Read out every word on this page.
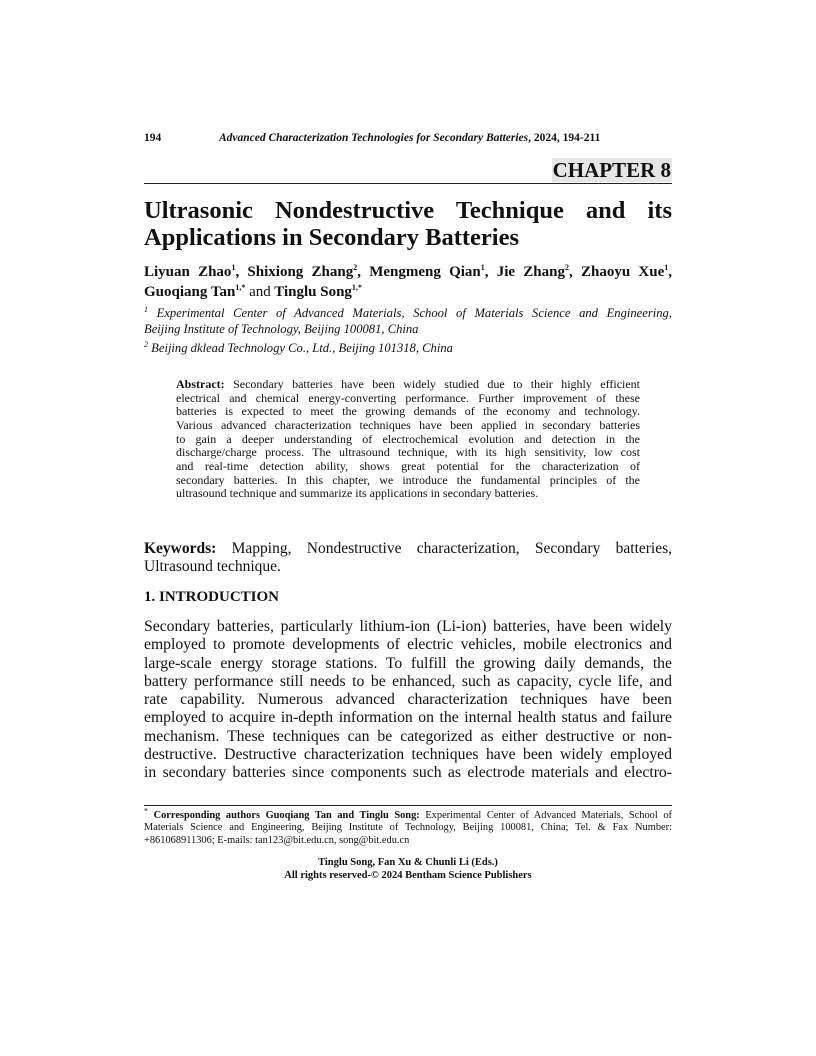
194	Advanced Characterization Technologies for Secondary Batteries, 2024, 194-211
CHAPTER 8
Ultrasonic Nondestructive Technique and its
Applications in Secondary Batteries
Liyuan Zhao$^1$, Shixiong Zhang$^2$, Mengmeng Qian$^1$, Jie Zhang$^2$, Zhaoyu Xue$^1$,
Guoqiang Tan$^{1,*}$ and Tinglu Song$^{1,*}$
$^1$ Experimental Center of Advanced Materials, School of Materials Science and Engineering,
Beijing Institute of Technology, Beijing 100081, China
$^2$ Beijing dklead Technology Co., Ltd., Beijing 101318, China
Abstract: Secondary batteries have been widely studied due to their highly efficient
electrical and chemical energy-converting performance. Further improvement of these
batteries is expected to meet the growing demands of the economy and technology.
Various advanced characterization techniques have been applied in secondary batteries
to gain a deeper understanding of electrochemical evolution and detection in the
discharge/charge process. The ultrasound technique, with its high sensitivity, low cost
and real-time detection ability, shows great potential for the characterization of
secondary batteries. In this chapter, we introduce the fundamental principles of the
ultrasound technique and summarize its applications in secondary batteries.
Keywords: Mapping, Nondestructive characterization, Secondary batteries,
Ultrasound technique.
1. INTRODUCTION
Secondary batteries, particularly lithium-ion (Li-ion) batteries, have been widely
employed to promote developments of electric vehicles, mobile electronics and
large-scale energy storage stations. To fulfill the growing daily demands, the
battery performance still needs to be enhanced, such as capacity, cycle life, and
rate capability. Numerous advanced characterization techniques have been
employed to acquire in-depth information on the internal health status and failure
mechanism. These techniques can be categorized as either destructive or non-
destructive. Destructive characterization techniques have been widely employed
in secondary batteries since components such as electrode materials and electro-
* Corresponding authors Guoqiang Tan and Tinglu Song: Experimental Center of Advanced Materials, School of
Materials Science and Engineering, Beijing Institute of Technology, Beijing 100081, China; Tel. & Fax Number:
+861068911306; E-mails: tan123@bit.edu.cn, song@bit.edu.cn
Tinglu Song, Fan Xu & Chunli Li (Eds.)
All rights reserved-© 2024 Bentham Science Publishers
